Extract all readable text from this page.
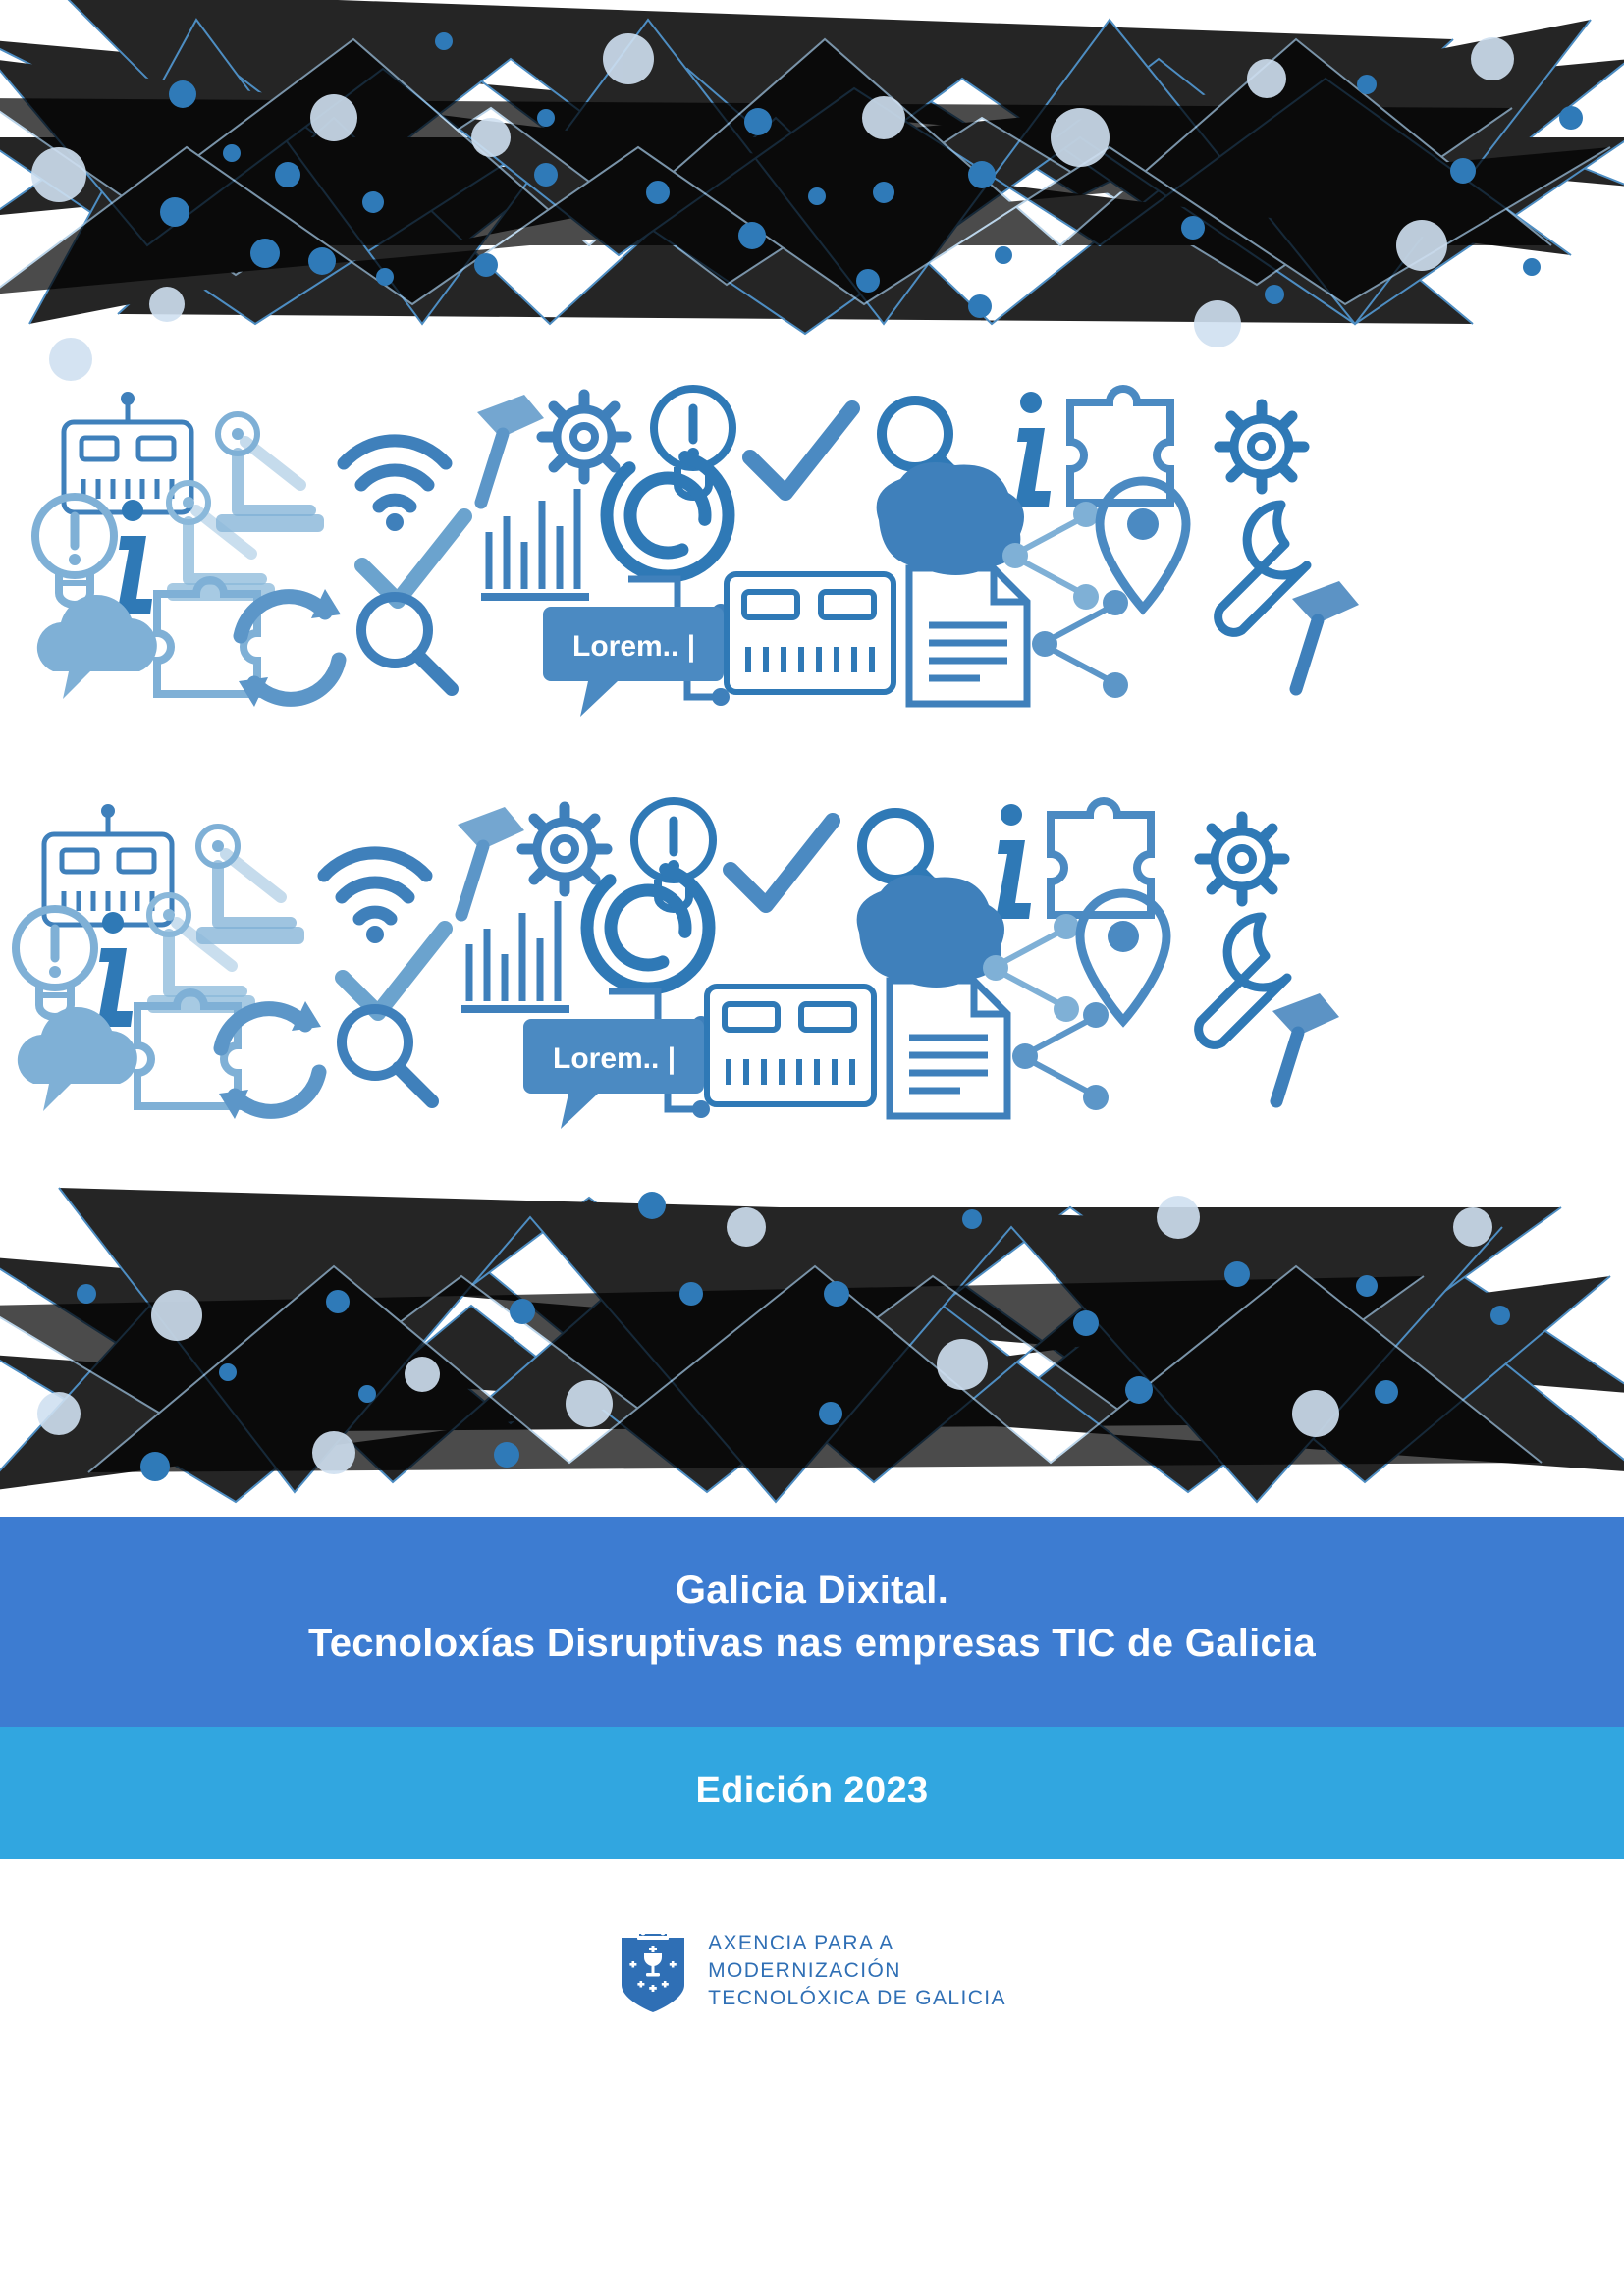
Lorem.. |
Lorem.. |
Galicia Dixital.
Tecnoloxías Disruptivas nas empresas TIC de Galicia
Edición 2023
AXENCIA PARA A
MODERNIZACIÓN
TECNOLÓXICA DE GALICIA
